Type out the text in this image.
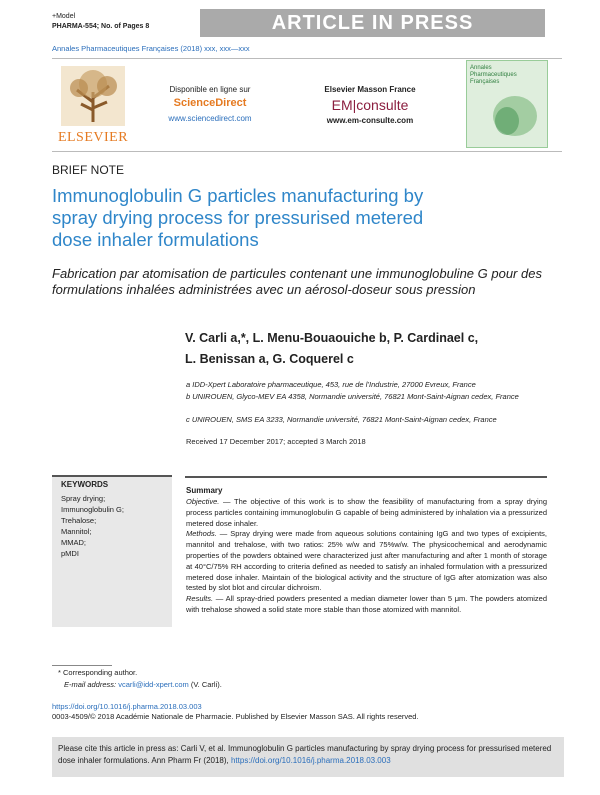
+Model
PHARMA-554; No. of Pages 8	ARTICLE IN PRESS
Annales Pharmaceutiques Françaises (2018) xxx, xxx—xxx
ELSEVIER
Disponible en ligne sur
ScienceDirect
www.sciencedirect.com
Elsevier Masson France
EM|consulte
www.em-consulte.com
Annales Pharmaceutiques Françaises
BRIEF NOTE
Immunoglobulin G particles manufacturing by spray drying process for pressurised metered dose inhaler formulations
Fabrication par atomisation de particules contenant une immunoglobuline G pour des formulations inhalées administrées avec un aérosol-doseur sous pression
V. Carli a,*, L. Menu-Bouaouiche b, P. Cardinael c,
L. Benissan a, G. Coquerel c
a IDD-Xpert Laboratoire pharmaceutique, 453, rue de l’Industrie, 27000 Evreux, France
b UNIROUEN, Glyco-MEV EA 4358, Normandie université, 76821 Mont-Saint-Aignan cedex, France
c UNIROUEN, SMS EA 3233, Normandie université, 76821 Mont-Saint-Aignan cedex, France
Received 17 December 2017; accepted 3 March 2018
KEYWORDS
Spray drying;
Immunoglobulin G;
Trehalose;
Mannitol;
MMAD;
pMDI
Summary
Objective. — The objective of this work is to show the feasibility of manufacturing from a spray drying process particles containing immunoglobulin G capable of being administered by inhalation via a pressurized metered dose inhaler.
Methods. — Spray drying were made from aqueous solutions containing IgG and two types of excipients, mannitol and trehalose, with two ratios: 25% w/w and 75%w/w. The physicochemical and aerodynamic properties of the powders obtained were characterized just after manufacturing and after 1 month of storage at 40°C/75% RH according to criteria defined as needed to satisfy an inhaled formulation with a pressurized metered dose inhaler. Maintain of the biological activity and the structure of IgG after atomization was also tested by slot blot and circular dichroism.
Results. — All spray-dried powders presented a median diameter lower than 5 μm. The powders atomized with trehalose showed a solid state more stable than those atomized with mannitol.
* Corresponding author.
E-mail address: vcarli@idd-xpert.com (V. Carli).
https://doi.org/10.1016/j.pharma.2018.03.003
0003-4509/© 2018 Académie Nationale de Pharmacie. Published by Elsevier Masson SAS. All rights reserved.
Please cite this article in press as: Carli V, et al. Immunoglobulin G particles manufacturing by spray drying process for pressurised metered dose inhaler formulations. Ann Pharm Fr (2018), https://doi.org/10.1016/j.pharma.2018.03.003
